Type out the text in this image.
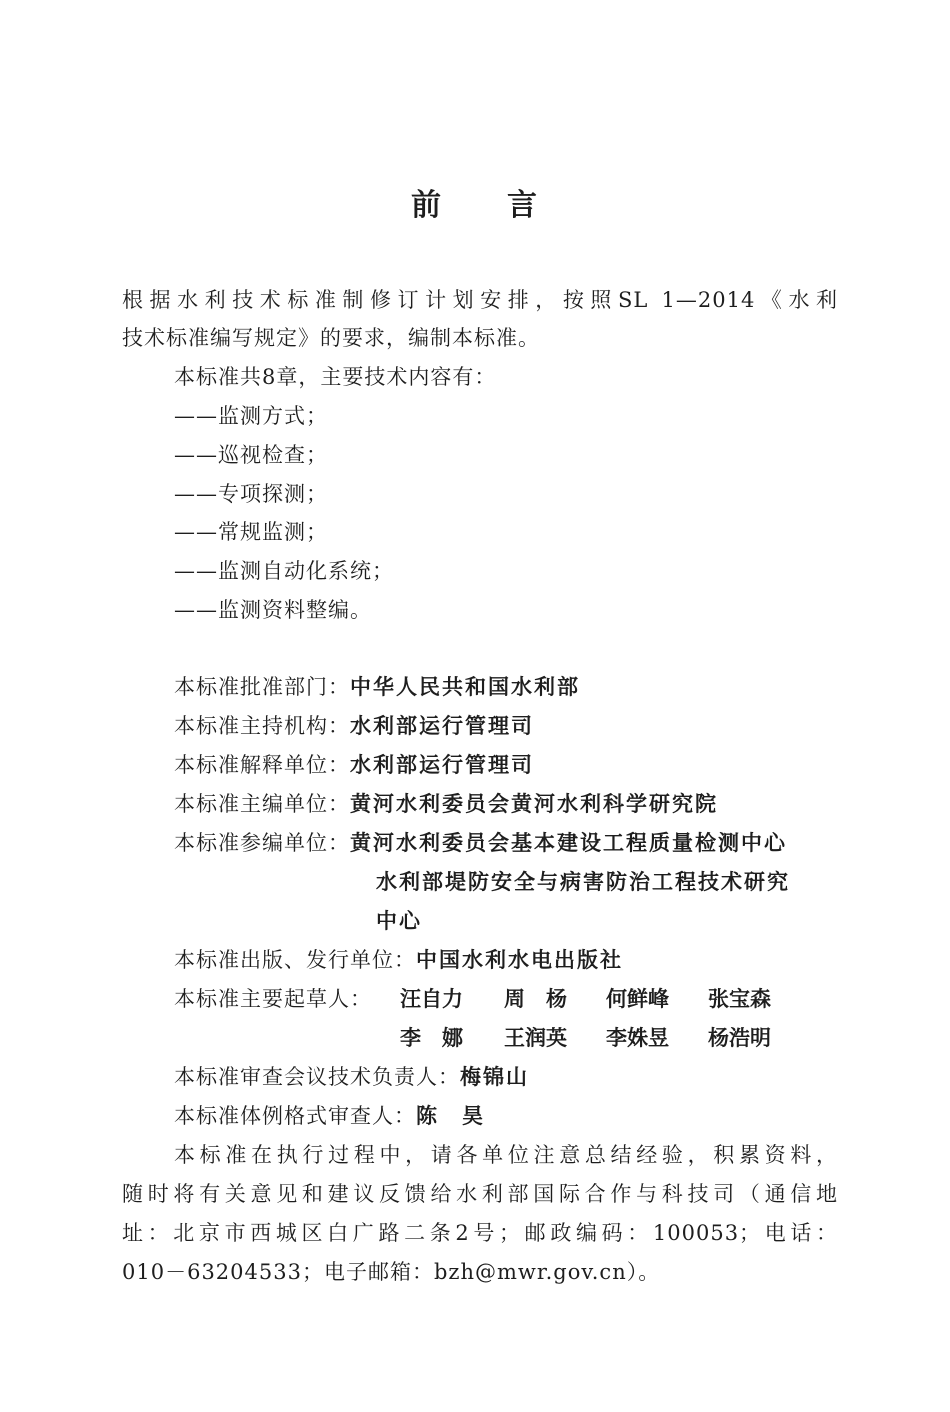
前 言
根据水利技术标准制修订计划安排，按照SL 1—2014《水利
技术标准编写规定》的要求，编制本标准。
本标准共8章，主要技术内容有：
——监测方式；
——巡视检查；
——专项探测；
——常规监测；
——监测自动化系统；
——监测资料整编。
本标准批准部门：中华人民共和国水利部
本标准主持机构：水利部运行管理司
本标准解释单位：水利部运行管理司
本标准主编单位：黄河水利委员会黄河水利科学研究院
本标准参编单位：黄河水利委员会基本建设工程质量检测中心
水利部堤防安全与病害防治工程技术研究
中心
本标准出版、发行单位：中国水利水电出版社
本标准主要起草人： 汪自力 周　杨 何鲜峰 张宝森
李　娜 王润英 李姝昱 杨浩明
本标准审查会议技术负责人：梅锦山
本标准体例格式审查人：陈　昊
本标准在执行过程中，请各单位注意总结经验，积累资料，
随时将有关意见和建议反馈给水利部国际合作与科技司（通信地
址：北京市西城区白广路二条2号；邮政编码：100053；电话：
010－63204533；电子邮箱：bzh@mwr.gov.cn）。
